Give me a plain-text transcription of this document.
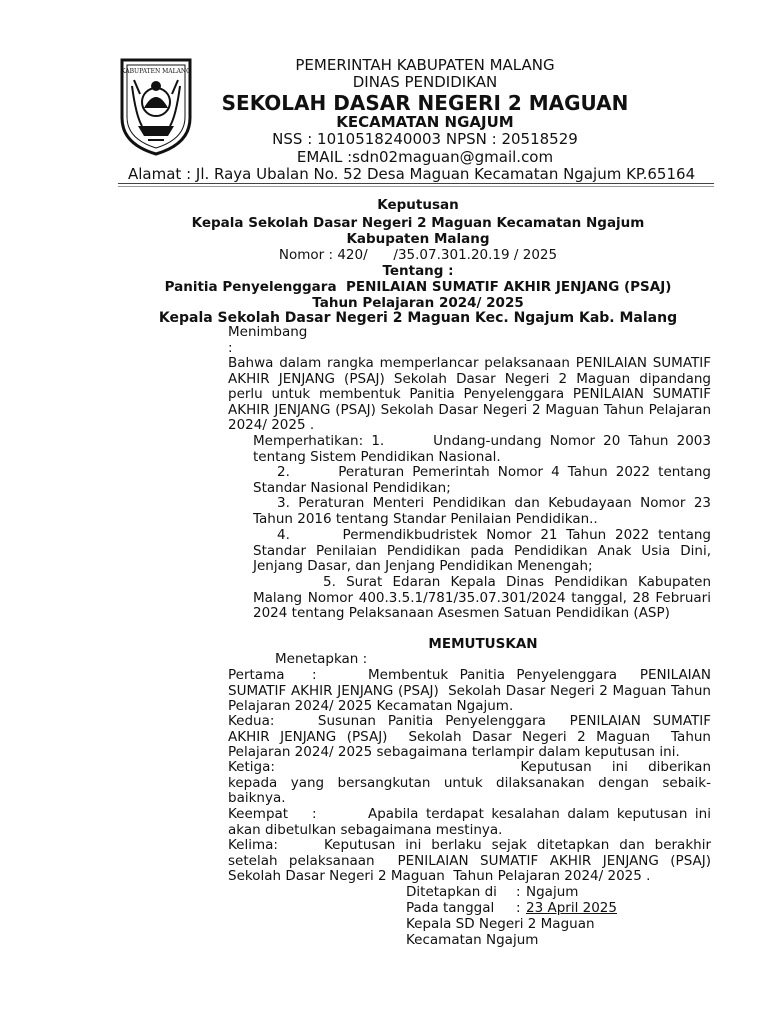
KABUPATEN MALANG	PEMERINTAH KABUPATEN MALANG
DINAS PENDIDIKAN
SEKOLAH DASAR NEGERI 2 MAGUAN
KECAMATAN NGAJUM
NSS : 1010518240003 NPSN : 20518529
EMAIL :sdn02maguan@gmail.com
Alamat : Jl. Raya Ubalan No. 52 Desa Maguan Kecamatan Ngajum KP.65164
Keputusan
Kepala Sekolah Dasar Negeri 2 Maguan Kecamatan Ngajum
Kabupaten Malang
Nomor : 420/      /35.07.301.20.19 / 2025
Tentang :
Panitia Penyelenggara  PENILAIAN SUMATIF AKHIR JENJANG (PSAJ)
Tahun Pelajaran 2024/ 2025
Kepala Sekolah Dasar Negeri 2 Maguan Kec. Ngajum Kab. Malang
Menimbang
:
Bahwa dalam rangka memperlancar pelaksanaan PENILAIAN SUMATIF AKHIR JENJANG (PSAJ) Sekolah Dasar Negeri 2 Maguan dipandang perlu untuk membentuk Panitia Penyelenggara PENILAIAN SUMATIF AKHIR JENJANG (PSAJ) Sekolah Dasar Negeri 2 Maguan Tahun Pelajaran 2024/ 2025 .
Memperhatikan: 1.      Undang-undang Nomor 20 Tahun 2003 tentang Sistem Pendidikan Nasional.
2.      Peraturan Pemerintah Nomor 4 Tahun 2022 tentang Standar Nasional Pendidikan;
3. Peraturan Menteri Pendidikan dan Kebudayaan Nomor 23 Tahun 2016 tentang Standar Penilaian Pendidikan..
4.      Permendikbudristek Nomor 21 Tahun 2022 tentang Standar Penilaian Pendidikan pada Pendidikan Anak Usia Dini, Jenjang Dasar, dan Jenjang Pendidikan Menengah;
5. Surat Edaran Kepala Dinas Pendidikan Kabupaten Malang Nomor 400.3.5.1/781/35.07.301/2024 tanggal, 28 Februari 2024 tentang Pelaksanaan Asesmen Satuan Pendidikan (ASP)
MEMUTUSKAN
Menetapkan :
Pertama :	Membentuk Panitia Penyelenggara  PENILAIAN SUMATIF AKHIR JENJANG (PSAJ)  Sekolah Dasar Negeri 2 Maguan Tahun Pelajaran 2024/ 2025 Kecamatan Ngajum.
Kedua:	Susunan Panitia Penyelenggara  PENILAIAN SUMATIF AKHIR JENJANG (PSAJ)  Sekolah Dasar Negeri 2 Maguan  Tahun Pelajaran 2024/ 2025 sebagaimana terlampir dalam keputusan ini.
Ketiga:	Keputusan ini diberikan kepada yang bersangkutan untuk dilaksanakan dengan sebaik-baiknya.
Keempat :	Apabila terdapat kesalahan dalam keputusan ini akan dibetulkan sebagaimana mestinya.
Kelima:	Keputusan ini berlaku sejak ditetapkan dan berakhir setelah pelaksanaan  PENILAIAN SUMATIF AKHIR JENJANG (PSAJ)  Sekolah Dasar Negeri 2 Maguan  Tahun Pelajaran 2024/ 2025 .
Ditetapkan di : Ngajum
Pada tanggal : 23 April 2025
Kepala SD Negeri 2 Maguan
Kecamatan Ngajum
